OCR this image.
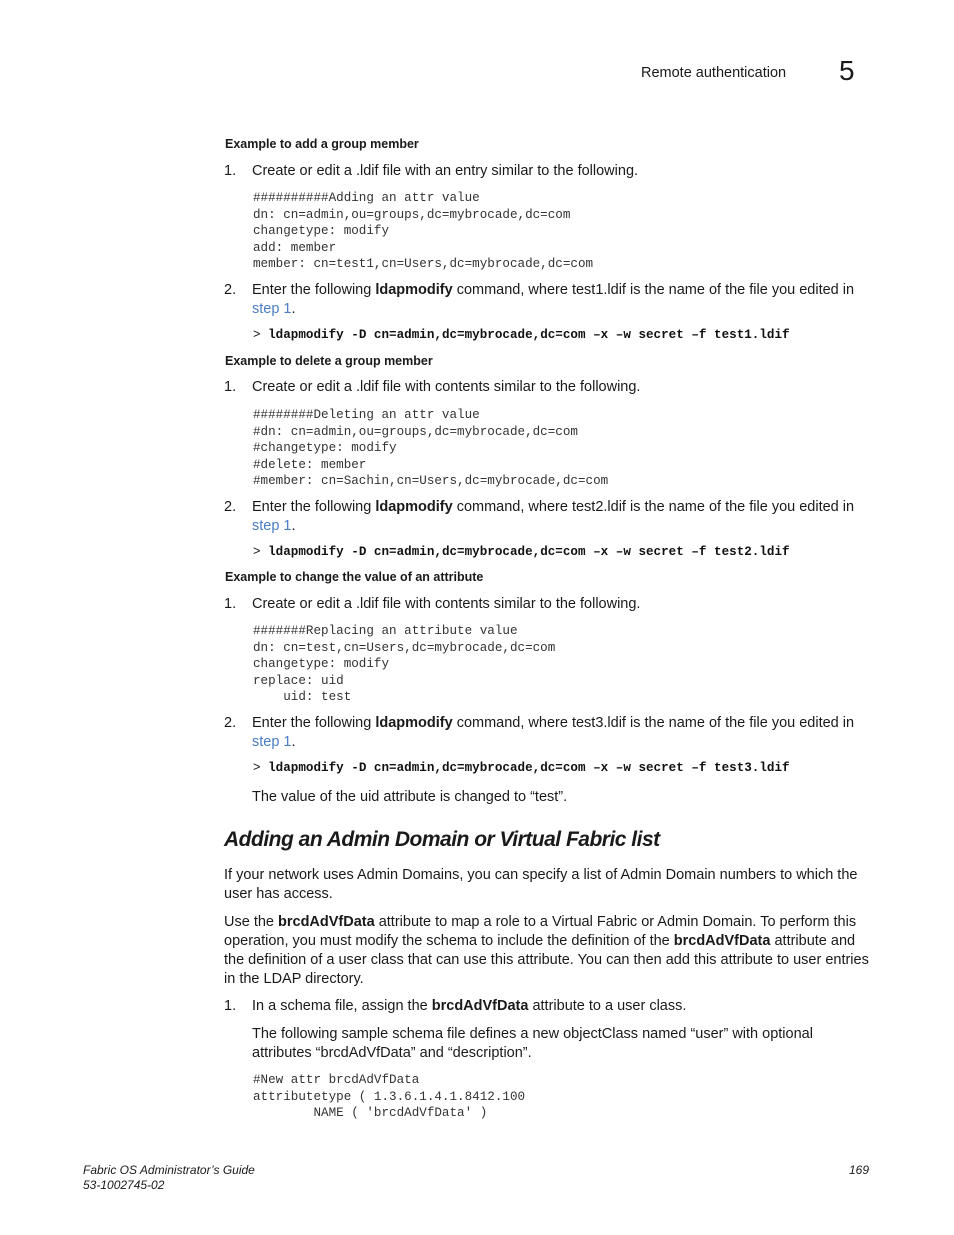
Remote authentication 5
Example to add a group member
1. Create or edit a .ldif file with an entry similar to the following.
##########Adding an attr value
dn: cn=admin,ou=groups,dc=mybrocade,dc=com
changetype: modify
add: member
member: cn=test1,cn=Users,dc=mybrocade,dc=com
2. Enter the following ldapmodify command, where test1.ldif is the name of the file you edited in step 1.
> ldapmodify -D cn=admin,dc=mybrocade,dc=com –x –w secret –f test1.ldif
Example to delete a group member
1. Create or edit a .ldif file with contents similar to the following.
########Deleting an attr value
#dn: cn=admin,ou=groups,dc=mybrocade,dc=com
#changetype: modify
#delete: member
#member: cn=Sachin,cn=Users,dc=mybrocade,dc=com
2. Enter the following ldapmodify command, where test2.ldif is the name of the file you edited in step 1.
> ldapmodify -D cn=admin,dc=mybrocade,dc=com –x –w secret –f test2.ldif
Example to change the value of an attribute
1. Create or edit a .ldif file with contents similar to the following.
#######Replacing an attribute value
dn: cn=test,cn=Users,dc=mybrocade,dc=com
changetype: modify
replace: uid
uid: test
2. Enter the following ldapmodify command, where test3.ldif is the name of the file you edited in step 1.
> ldapmodify -D cn=admin,dc=mybrocade,dc=com –x –w secret –f test3.ldif
The value of the uid attribute is changed to “test”.
Adding an Admin Domain or Virtual Fabric list
If your network uses Admin Domains, you can specify a list of Admin Domain numbers to which the user has access.
Use the brcdAdVfData attribute to map a role to a Virtual Fabric or Admin Domain. To perform this operation, you must modify the schema to include the definition of the brcdAdVfData attribute and the definition of a user class that can use this attribute. You can then add this attribute to user entries in the LDAP directory.
1. In a schema file, assign the brcdAdVfData attribute to a user class.
The following sample schema file defines a new objectClass named “user” with optional attributes “brcdAdVfData” and “description”.
#New attr brcdAdVfData
attributetype ( 1.3.6.1.4.1.8412.100
NAME ( 'brcdAdVfData' )
Fabric OS Administrator’s Guide
53-1002745-02
169
